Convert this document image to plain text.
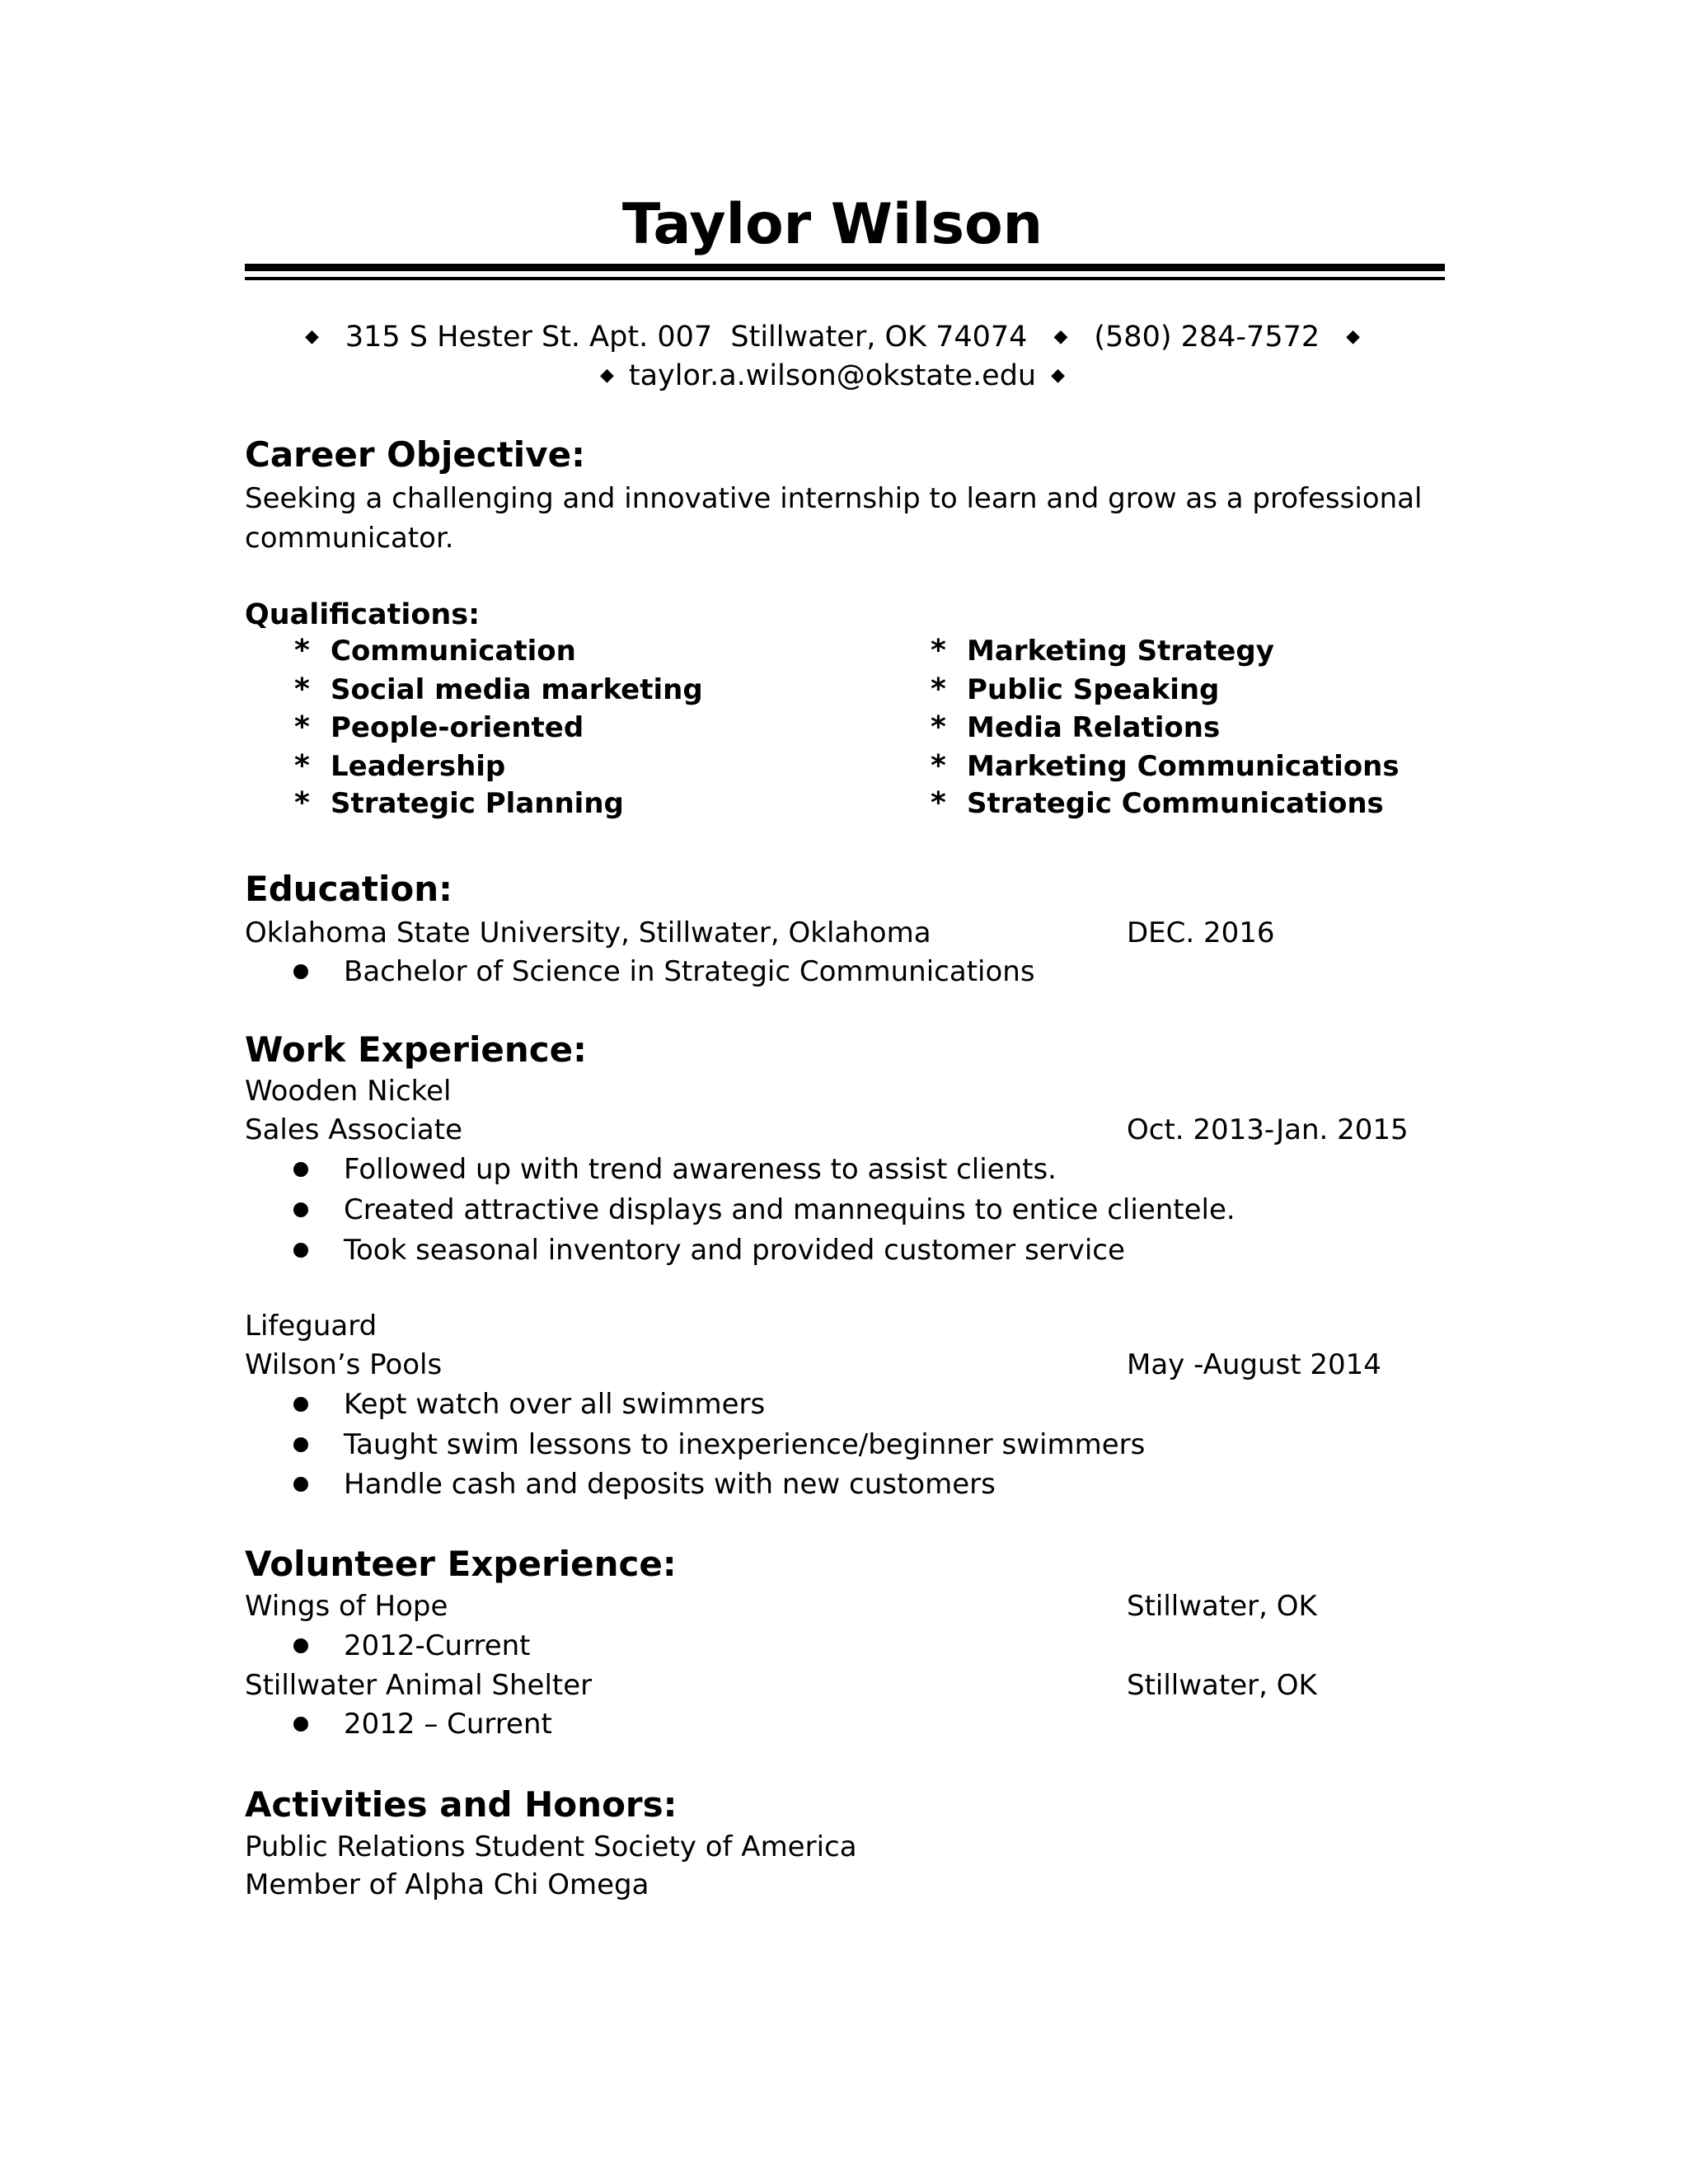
Taylor Wilson
◆ 315 S Hester St. Apt. 007 Stillwater, OK 74074 ◆ (580) 284-7572 ◆
◆ taylor.a.wilson@okstate.edu ◆
Career Objective:
Seeking a challenging and innovative internship to learn and grow as a professional
communicator.
Qualifications:
* Communication
* Social media marketing
* People-oriented
* Leadership
* Strategic Planning
* Marketing Strategy
* Public Speaking
* Media Relations
* Marketing Communications
* Strategic Communications
Education:
Oklahoma State University, Stillwater, Oklahoma	DEC. 2016
Bachelor of Science in Strategic Communications
Work Experience:
Wooden Nickel
Sales Associate	Oct. 2013-Jan. 2015
Followed up with trend awareness to assist clients.
Created attractive displays and mannequins to entice clientele.
Took seasonal inventory and provided customer service
Lifeguard
Wilson’s Pools	May -August 2014
Kept watch over all swimmers
Taught swim lessons to inexperience/beginner swimmers
Handle cash and deposits with new customers
Volunteer Experience:
Wings of Hope	Stillwater, OK
2012-Current
Stillwater Animal Shelter	Stillwater, OK
2012 – Current
Activities and Honors:
Public Relations Student Society of America
Member of Alpha Chi Omega
